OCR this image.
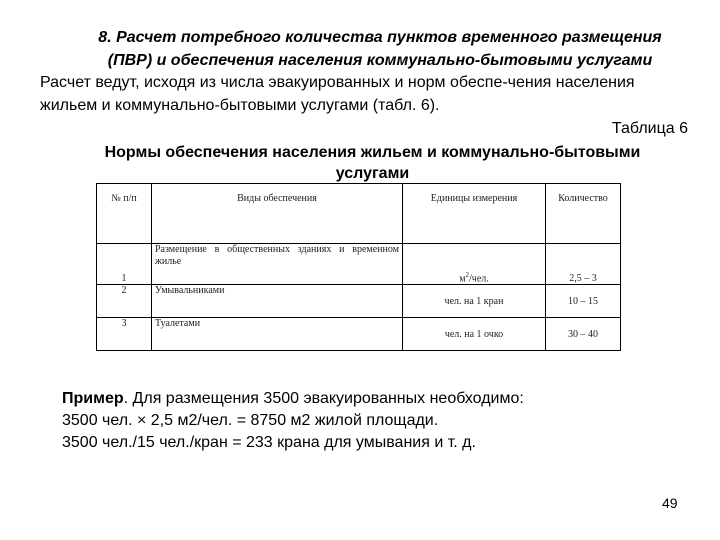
8. Расчет потребного количества пунктов временного размещения
(ПВР) и обеспечения населения коммунально-бытовыми услугами
Расчет ведут, исходя из числа эвакуированных и норм обеспе-чения населения
жильем и коммунально-бытовыми услугами (табл. 6).
Таблица 6
Нормы обеспечения населения жильем и коммунально-бытовыми
услугами
№ п/п	Виды обеспечения	Единицы измерения	Количество
1	Размещение в общественных зданиях и временном жилье	$м^2$/чел.	2,5 – 3
2	Умывальниками	чел. на 1 кран	10 – 15
3	Туалетами	чел. на 1 очко	30 – 40
Пример. Для размещения 3500 эвакуированных необходимо:
3500 чел. × 2,5 м2/чел. = 8750 м2 жилой площади.
3500 чел./15 чел./кран = 233 крана для умывания и т. д.
49
